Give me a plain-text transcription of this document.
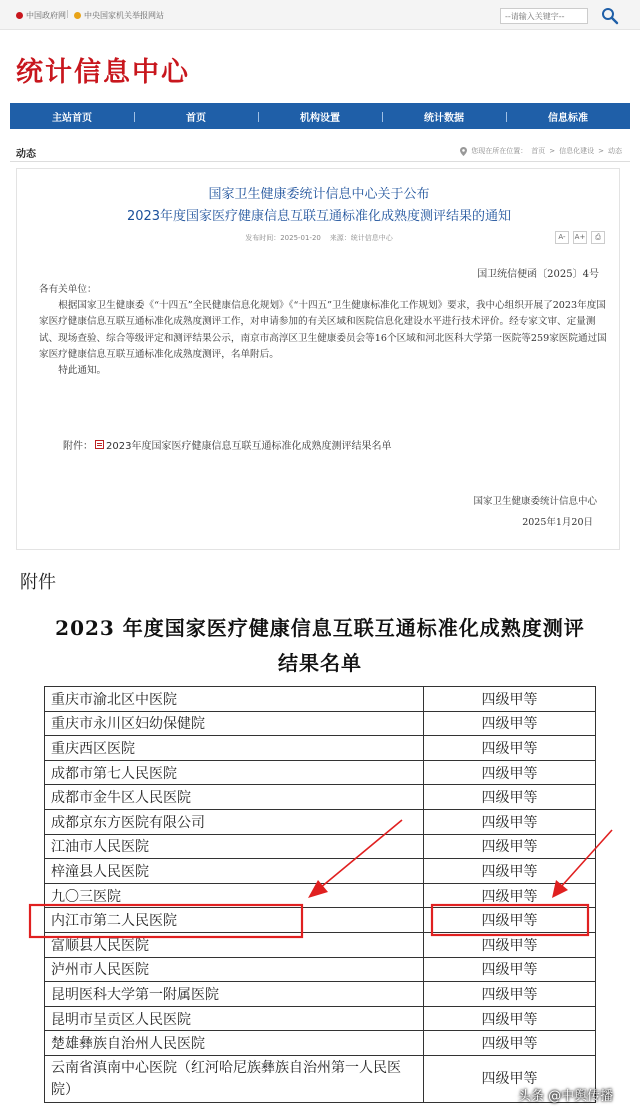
中国政府网 | 中央国家机关举报网站
--请输入关键字--
统计信息中心
主站首页	首页	机构设置	统计数据	信息标准
动态	您现在所在位置： 首页 > 信息化建设 > 动态
国家卫生健康委统计信息中心关于公布
2023年度国家医疗健康信息互联互通标准化成熟度测评结果的通知
发布时间：2025-01-20 来源：统计信息中心	A-	A+	⎙
国卫统信便函〔2025〕4号

各有关单位：

根据国家卫生健康委《“十四五”全民健康信息化规划》《“十四五”卫生健康标准化工作规划》要求，我中心组织开展了2023年度国家医疗健康信息互联互通标准化成熟度测评工作，对申请参加的有关区域和医院信息化建设水平进行技术评价。经专家文审、定量测试、现场查验、综合等级评定和测评结果公示，南京市高淳区卫生健康委员会等16个区域和河北医科大学第一医院等259家医院通过国家医疗健康信息互联互通标准化成熟度测评，名单附后。

特此通知。

附件： 2023年度国家医疗健康信息互联互通标准化成熟度测评结果名单
国家卫生健康委统计信息中心
2025年1月20日
附件
2023 年度国家医疗健康信息互联互通标准化成熟度测评
结果名单
重庆市渝北区中医院	四级甲等
重庆市永川区妇幼保健院	四级甲等
重庆西区医院	四级甲等
成都市第七人民医院	四级甲等
成都市金牛区人民医院	四级甲等
成都京东方医院有限公司	四级甲等
江油市人民医院	四级甲等
梓潼县人民医院	四级甲等
九〇三医院	四级甲等
内江市第二人民医院	四级甲等
富顺县人民医院	四级甲等
泸州市人民医院	四级甲等
昆明医科大学第一附属医院	四级甲等
昆明市呈贡区人民医院	四级甲等
楚雄彝族自治州人民医院	四级甲等
云南省滇南中心医院（红河哈尼族彝族自治州第一人民医院）	四级甲等
头条 @中舆传播
